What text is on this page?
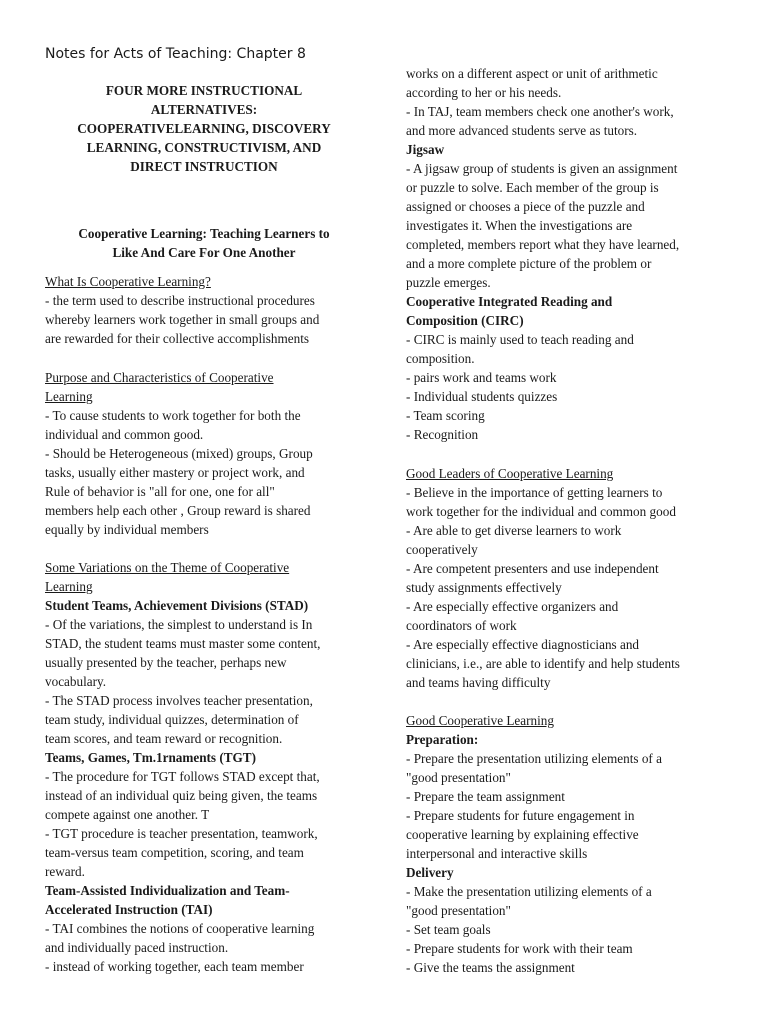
Notes for Acts of Teaching: Chapter 8
FOUR MORE INSTRUCTIONAL
ALTERNATIVES:
COOPERATIVELEARNING, DISCOVERY
LEARNING, CONSTRUCTIVISM, AND
DIRECT INSTRUCTION
Cooperative Learning: Teaching Learners to
Like And Care For One Another
What Is Cooperative Learning?
- the term used to describe instructional procedures
whereby learners work together in small groups and
are rewarded for their collective accomplishments
Purpose and Characteristics of Cooperative
Learning
- To cause students to work together for both the
individual and common good.
- Should be Heterogeneous (mixed) groups, Group
tasks, usually either mastery or project work, and
Rule of behavior is "all for one, one for all"
members help each other , Group reward is shared
equally by individual members
Some Variations on the Theme of Cooperative
Learning
Student Teams, Achievement Divisions (STAD)
- Of the variations, the simplest to understand is In
STAD, the student teams must master some content,
usually presented by the teacher, perhaps new
vocabulary.
- The STAD process involves teacher presentation,
team study, individual quizzes, determination of
team scores, and team reward or recognition.
Teams, Games, Tm.1rnaments (TGT)
- The procedure for TGT follows STAD except that,
instead of an individual quiz being given, the teams
compete against one another. T
- TGT procedure is teacher presentation, teamwork,
team-versus team competition, scoring, and team
reward.
Team-Assisted Individualization and Team-
Accelerated Instruction (TAI)
- TAI combines the notions of cooperative learning
and individually paced instruction.
- instead of working together, each team member
works on a different aspect or unit of arithmetic
according to her or his needs.
- In TAJ, team members check one another's work,
and more advanced students serve as tutors.
Jigsaw
- A jigsaw group of students is given an assignment
or puzzle to solve. Each member of the group is
assigned or chooses a piece of the puzzle and
investigates it. When the investigations are
completed, members report what they have learned,
and a more complete picture of the problem or
puzzle emerges.
Cooperative Integrated Reading and
Composition (CIRC)
- CIRC is mainly used to teach reading and
composition.
- pairs work and teams work
- Individual students quizzes
- Team scoring
- Recognition
Good Leaders of Cooperative Learning
- Believe in the importance of getting learners to
work together for the individual and common good
- Are able to get diverse learners to work
cooperatively
- Are competent presenters and use independent
study assignments effectively
- Are especially effective organizers and
coordinators of work
- Are especially effective diagnosticians and
clinicians, i.e., are able to identify and help students
and teams having difficulty
Good Cooperative Learning
Preparation:
- Prepare the presentation utilizing elements of a
"good presentation"
- Prepare the team assignment
- Prepare students for future engagement in
cooperative learning by explaining effective
interpersonal and interactive skills
Delivery
- Make the presentation utilizing elements of a
"good presentation"
- Set team goals
- Prepare students for work with their team
- Give the teams the assignment
